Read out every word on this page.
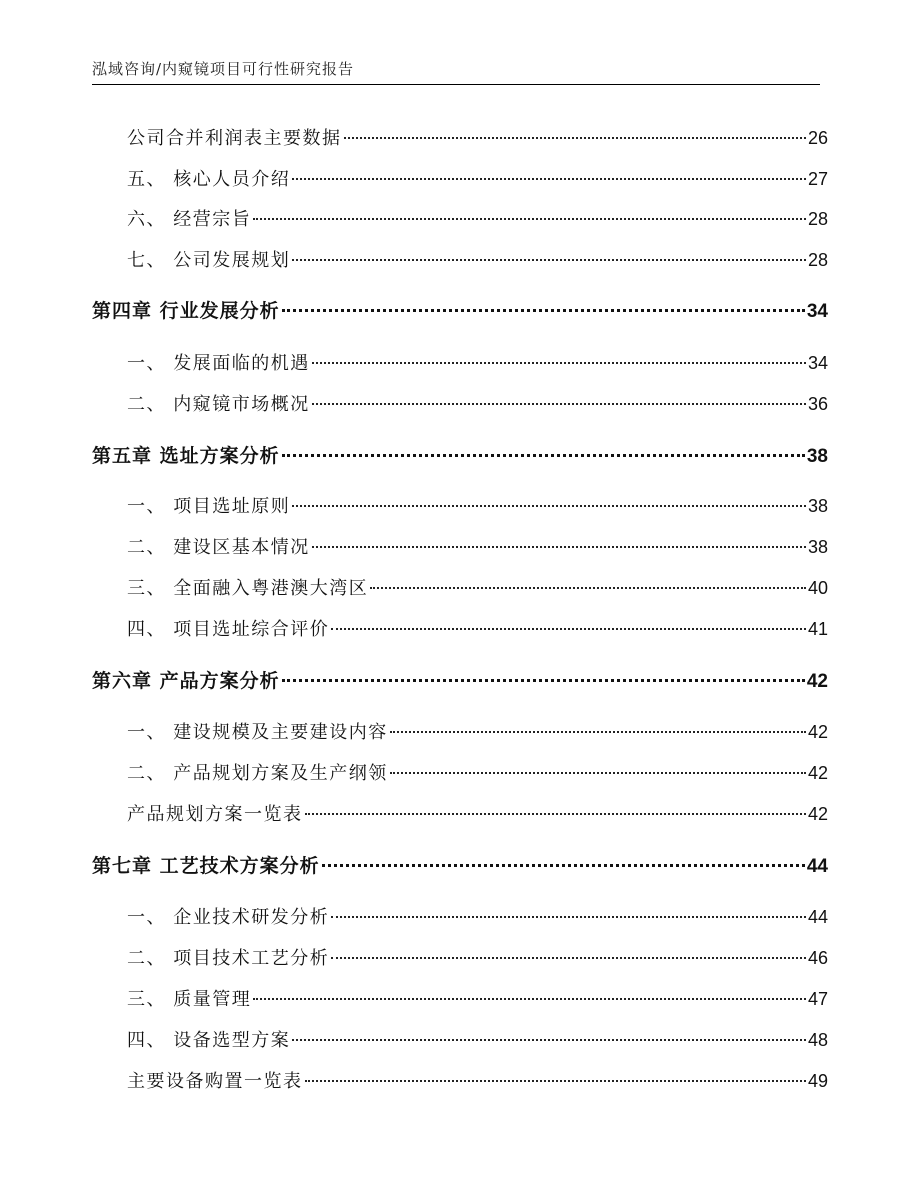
泓域咨询/内窥镜项目可行性研究报告
公司合并利润表主要数据	26
五、 核心人员介绍	27
六、 经营宗旨	28
七、 公司发展规划	28
第四章 行业发展分析	34
一、 发展面临的机遇	34
二、 内窥镜市场概况	36
第五章 选址方案分析	38
一、 项目选址原则	38
二、 建设区基本情况	38
三、 全面融入粤港澳大湾区	40
四、 项目选址综合评价	41
第六章 产品方案分析	42
一、 建设规模及主要建设内容	42
二、 产品规划方案及生产纲领	42
产品规划方案一览表	42
第七章 工艺技术方案分析	44
一、 企业技术研发分析	44
二、 项目技术工艺分析	46
三、 质量管理	47
四、 设备选型方案	48
主要设备购置一览表	49
